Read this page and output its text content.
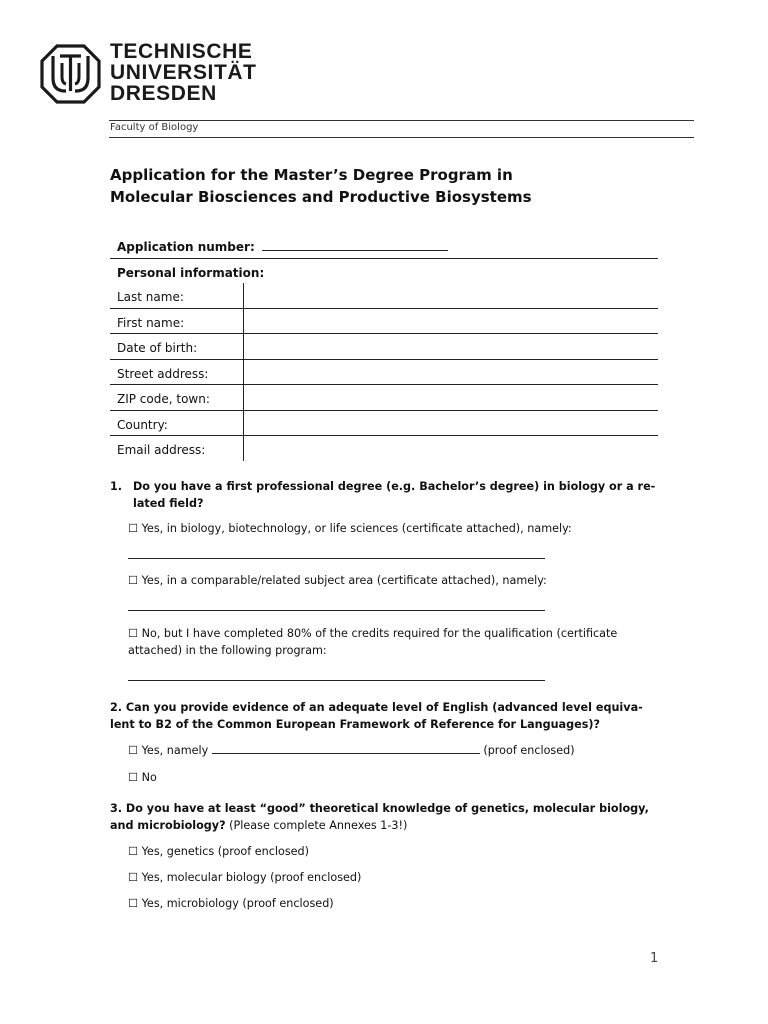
TECHNISCHE
UNIVERSITÄT
DRESDEN
Faculty of Biology
Application for the Master’s Degree Program in
Molecular Biosciences and Productive Biosystems
Application number:
Personal information:
Last name:
First name:
Date of birth:
Street address:
ZIP code, town:
Country:
Email address:
1. Do you have a first professional degree (e.g. Bachelor’s degree) in biology or a re-
lated field?
☐ Yes, in biology, biotechnology, or life sciences (certificate attached), namely:
☐ Yes, in a comparable/related subject area (certificate attached), namely:
☐ No, but I have completed 80% of the credits required for the qualification (certificate
attached) in the following program:
2. Can you provide evidence of an adequate level of English (advanced level equiva-
lent to B2 of the Common European Framework of Reference for Languages)?
☐ Yes, namely	(proof enclosed)
☐ No
3. Do you have at least “good” theoretical knowledge of genetics, molecular biology,
and microbiology? (Please complete Annexes 1-3!)
☐ Yes, genetics (proof enclosed)
☐ Yes, molecular biology (proof enclosed)
☐ Yes, microbiology (proof enclosed)
1
